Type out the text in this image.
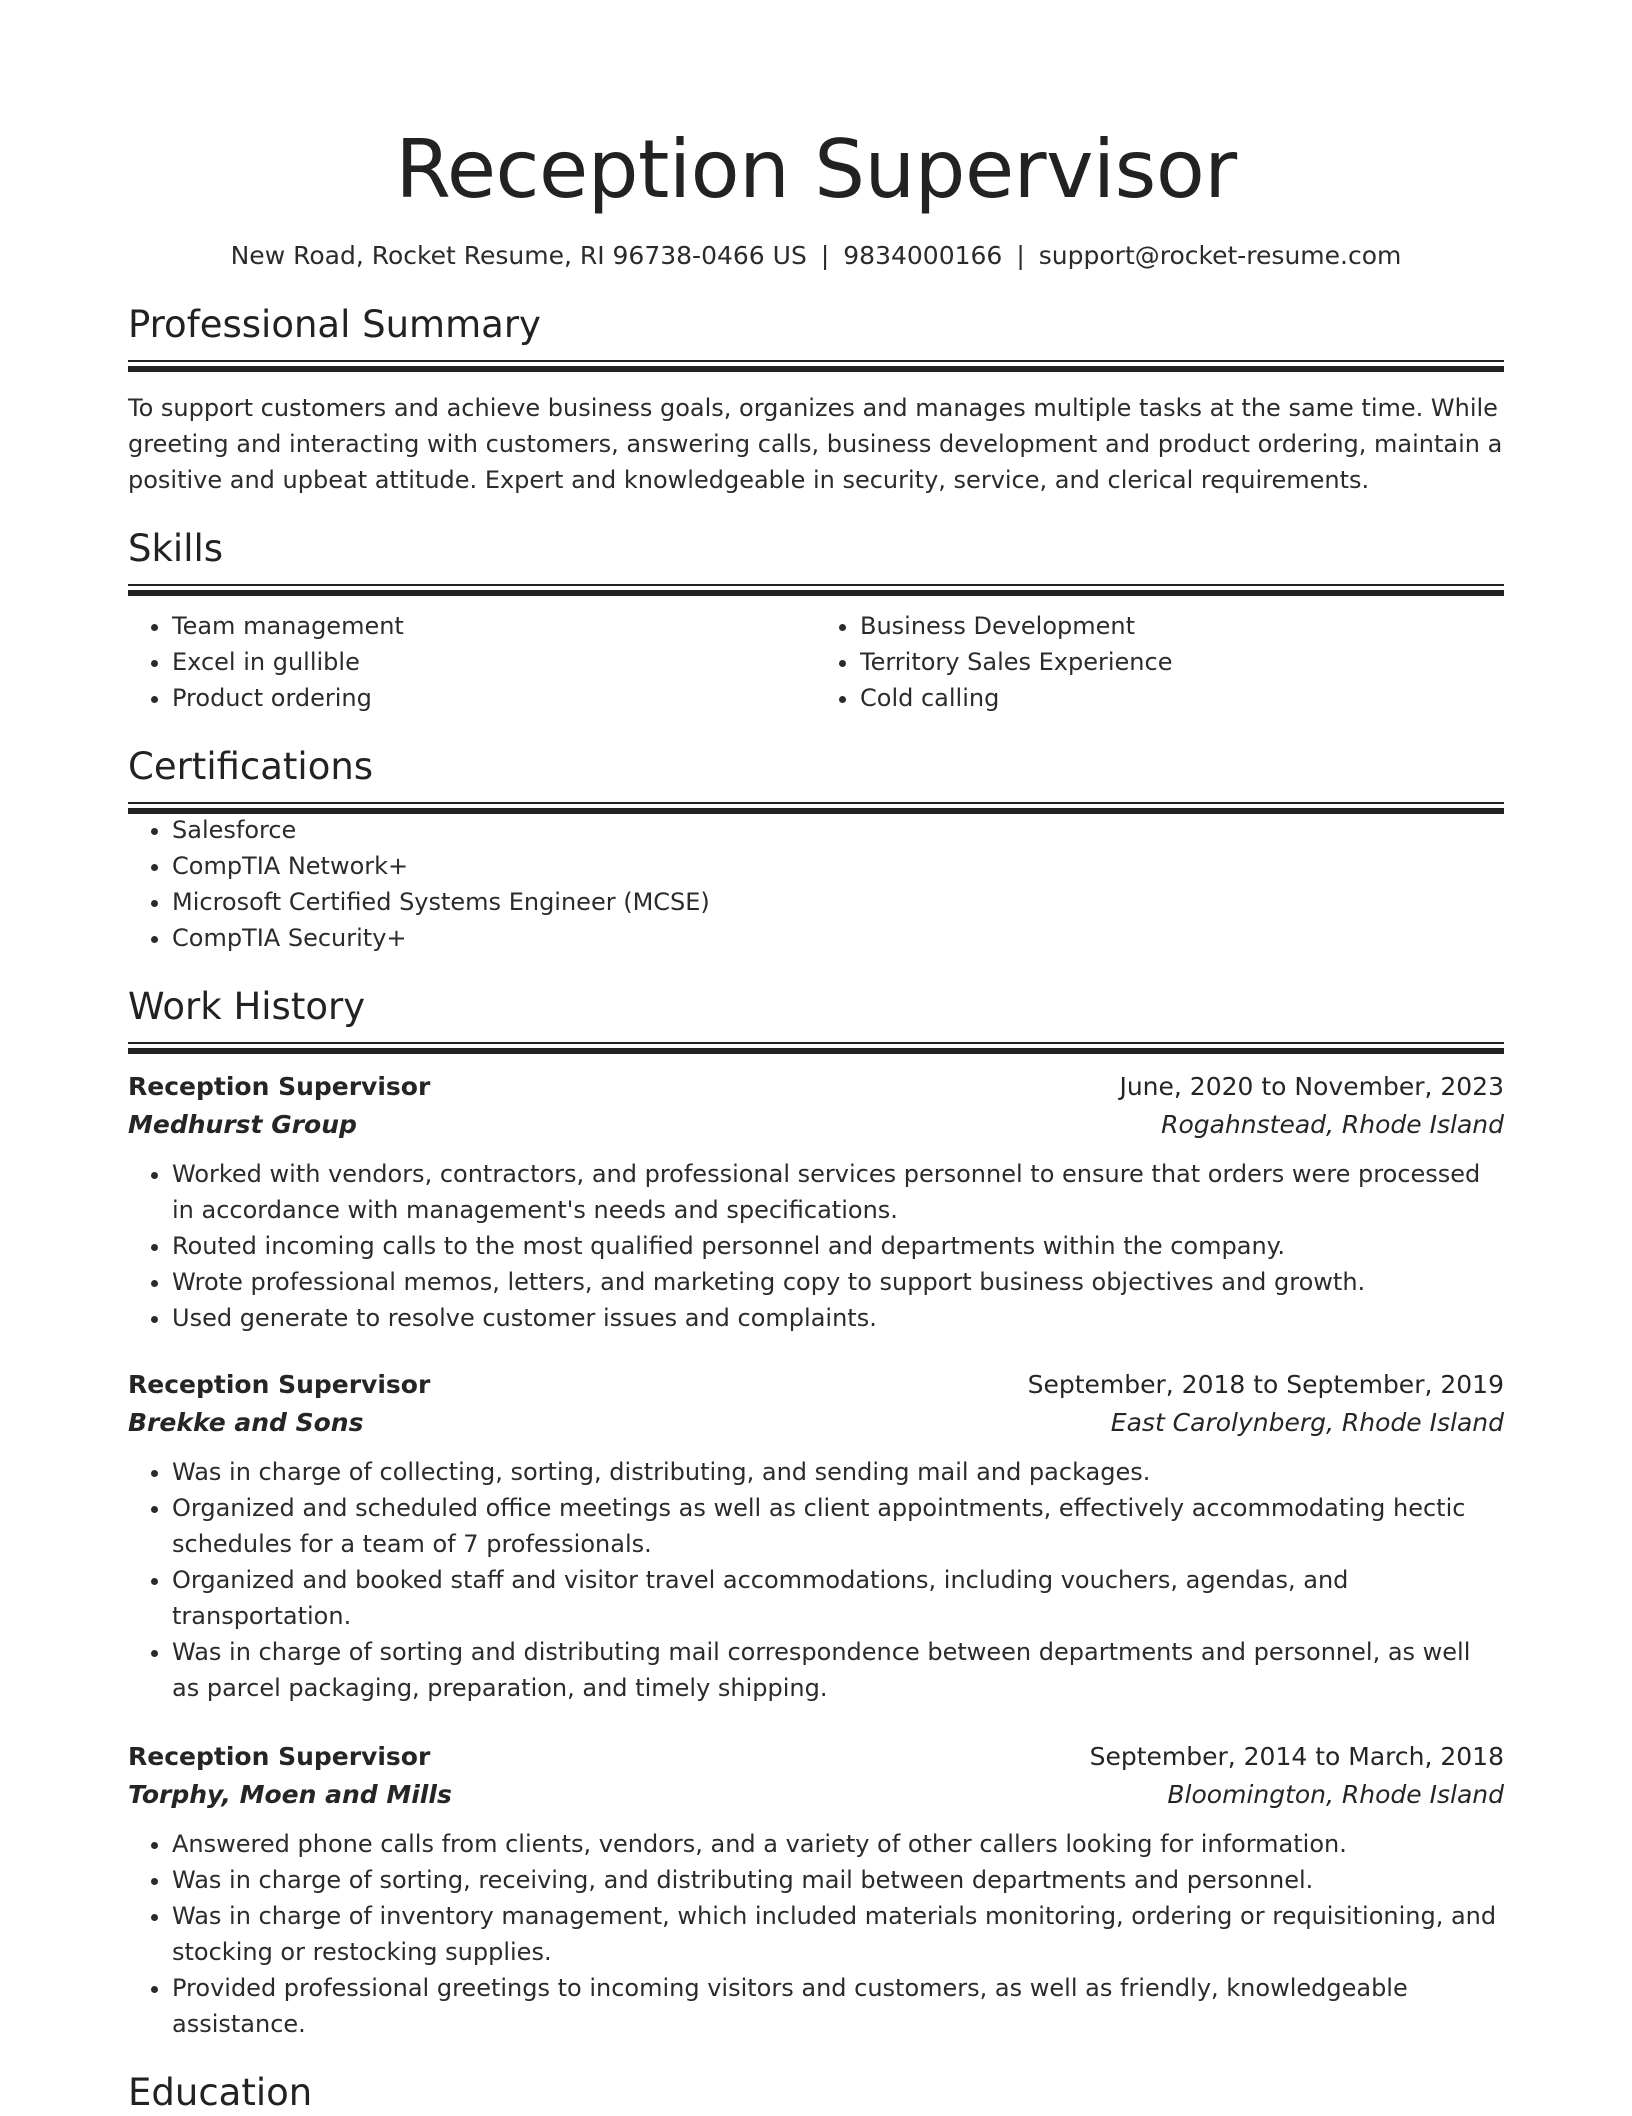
Reception Supervisor
New Road, Rocket Resume, RI 96738-0466 US | 9834000166 | support@rocket-resume.com
Professional Summary
To support customers and achieve business goals, organizes and manages multiple tasks at the same time. While greeting and interacting with customers, answering calls, business development and product ordering, maintain a positive and upbeat attitude. Expert and knowledgeable in security, service, and clerical requirements.
Skills
• Team management
• Excel in gullible
• Product ordering
• Business Development
• Territory Sales Experience
• Cold calling
Certifications
• Salesforce
• CompTIA Network+
• Microsoft Certified Systems Engineer (MCSE)
• CompTIA Security+
Work History
Reception Supervisor	June, 2020 to November, 2023
Medhurst Group	Rogahnstead, Rhode Island
• Worked with vendors, contractors, and professional services personnel to ensure that orders were processed in accordance with management's needs and specifications.
• Routed incoming calls to the most qualified personnel and departments within the company.
• Wrote professional memos, letters, and marketing copy to support business objectives and growth.
• Used generate to resolve customer issues and complaints.
Reception Supervisor	September, 2018 to September, 2019
Brekke and Sons	East Carolynberg, Rhode Island
• Was in charge of collecting, sorting, distributing, and sending mail and packages.
• Organized and scheduled office meetings as well as client appointments, effectively accommodating hectic schedules for a team of 7 professionals.
• Organized and booked staff and visitor travel accommodations, including vouchers, agendas, and transportation.
• Was in charge of sorting and distributing mail correspondence between departments and personnel, as well as parcel packaging, preparation, and timely shipping.
Reception Supervisor	September, 2014 to March, 2018
Torphy, Moen and Mills	Bloomington, Rhode Island
• Answered phone calls from clients, vendors, and a variety of other callers looking for information.
• Was in charge of sorting, receiving, and distributing mail between departments and personnel.
• Was in charge of inventory management, which included materials monitoring, ordering or requisitioning, and stocking or restocking supplies.
• Provided professional greetings to incoming visitors and customers, as well as friendly, knowledgeable assistance.
Education
